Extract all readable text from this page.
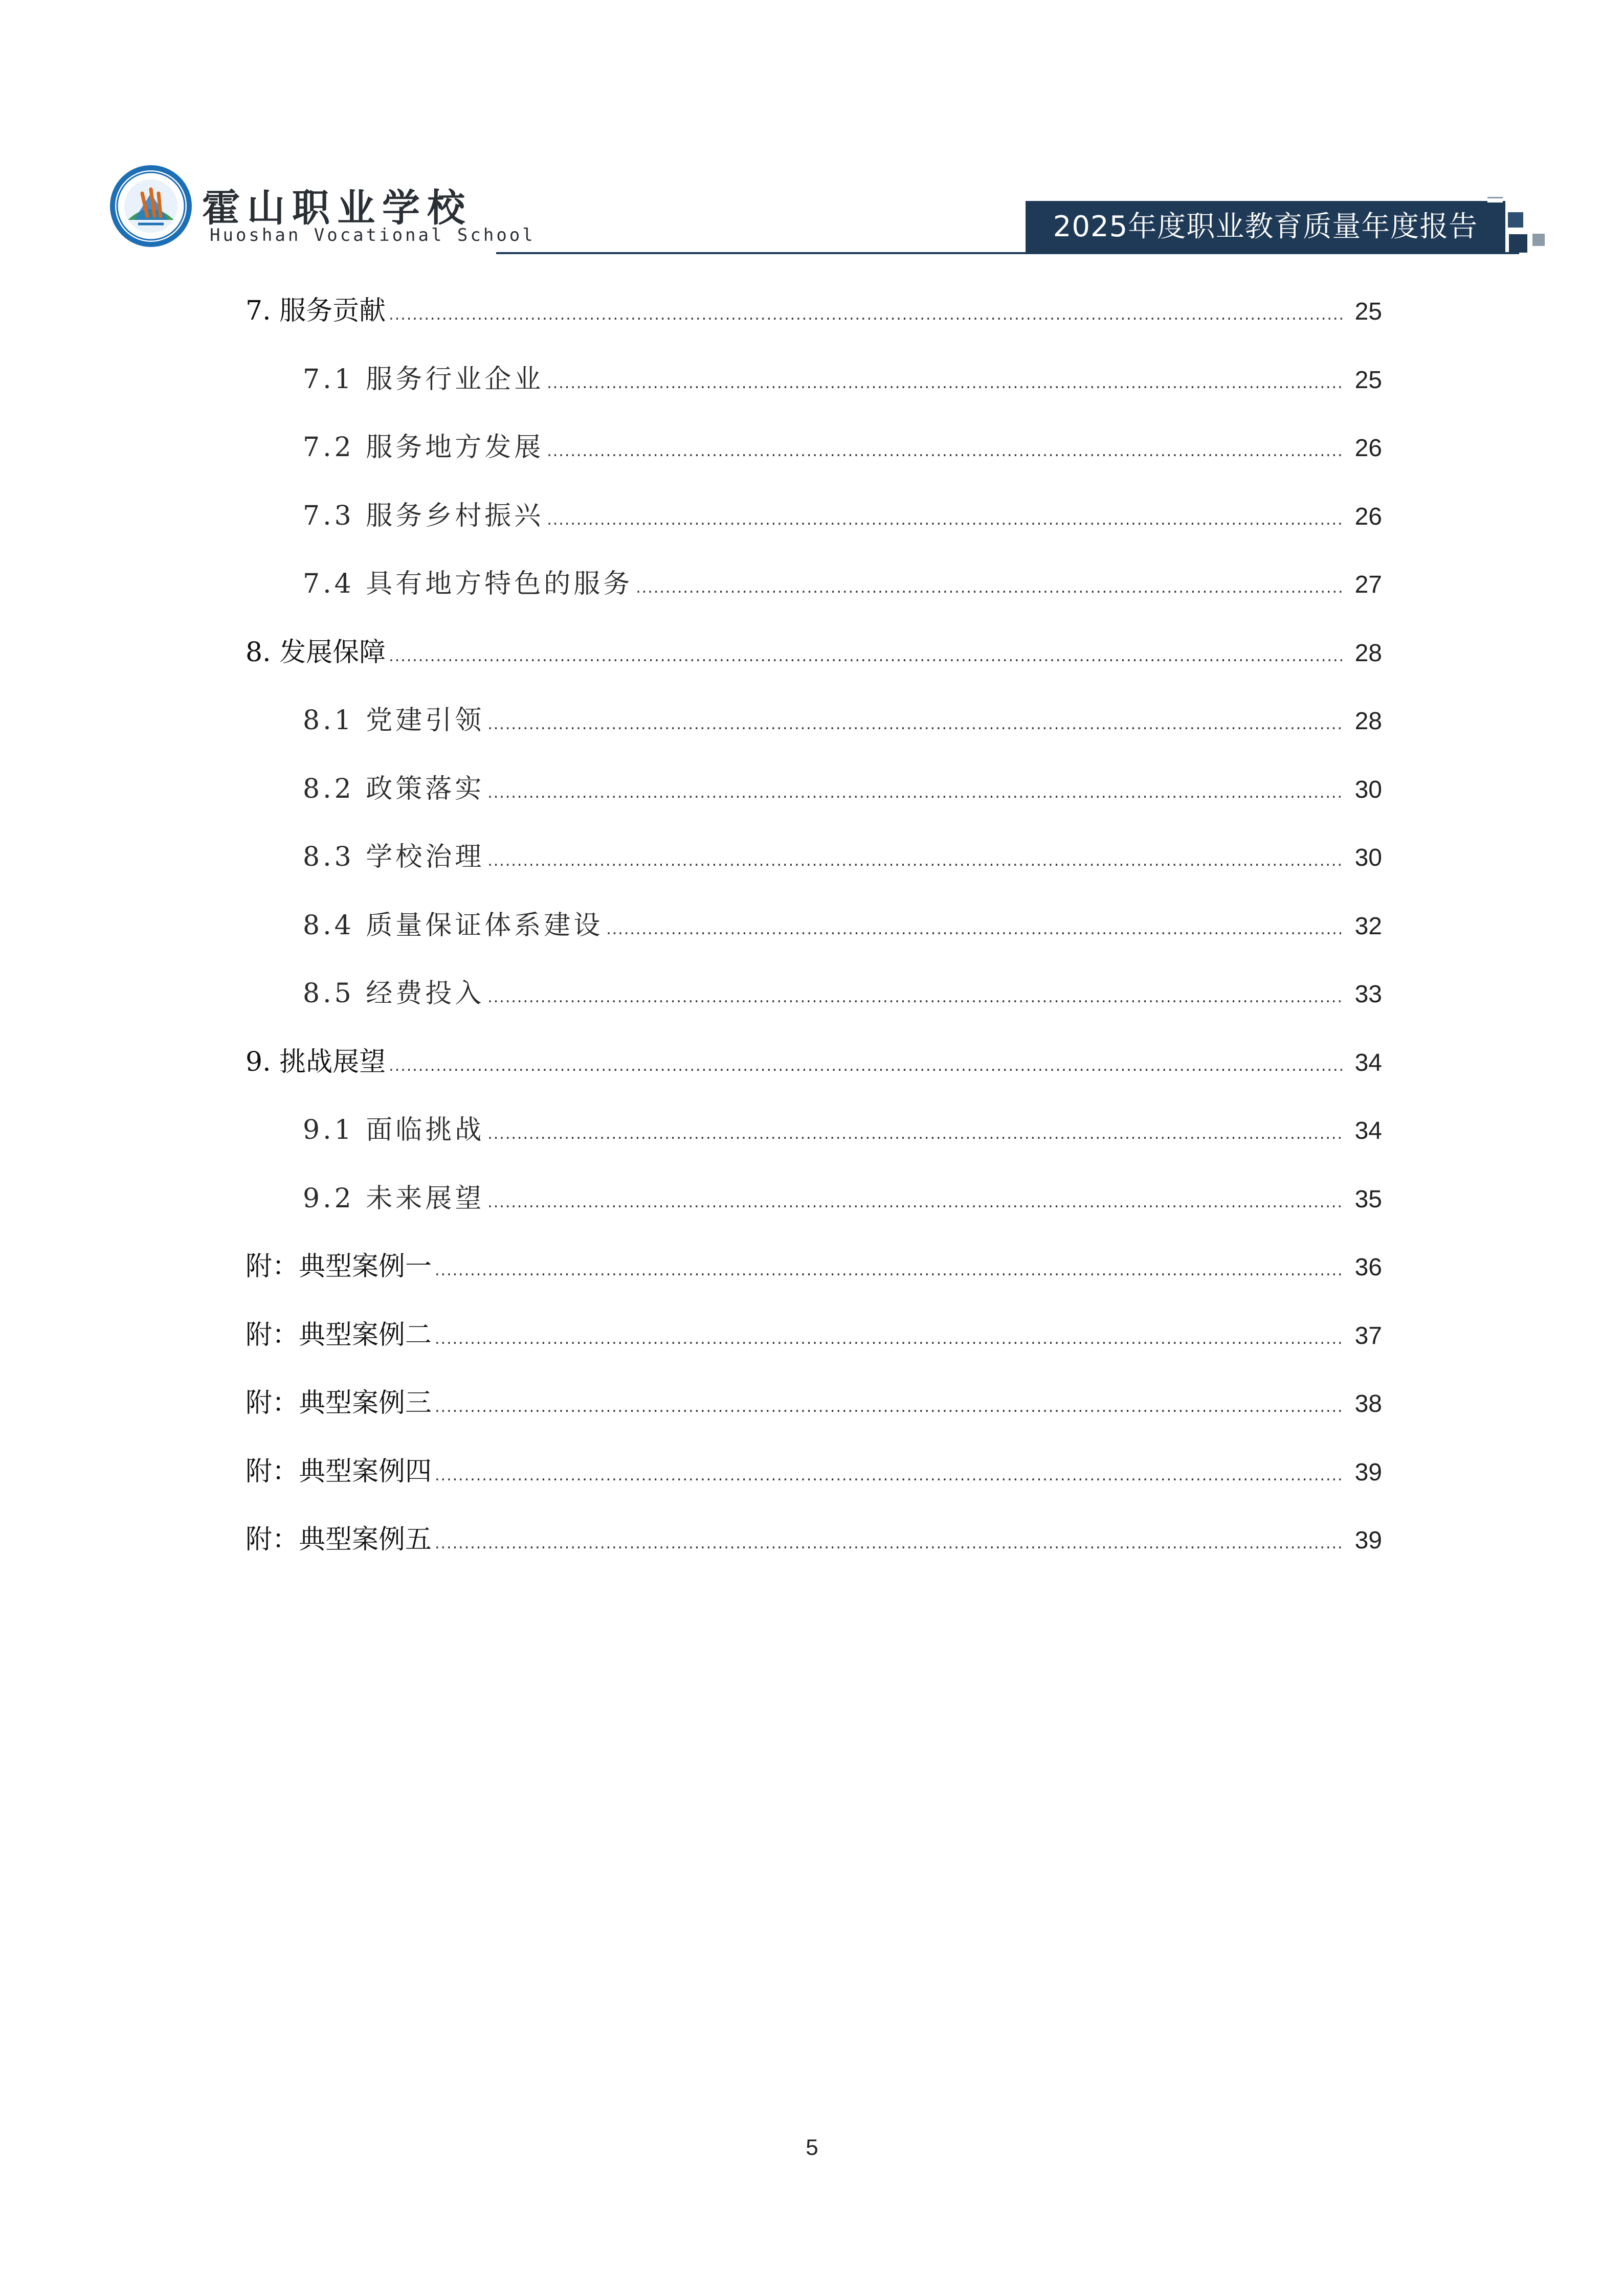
霍山职业学校
Huoshan Vocational School	2025年度职业教育质量年度报告
7. 服务贡献 .....	25
7.1 服务行业企业 .....	25
7.2 服务地方发展 .....	26
7.3 服务乡村振兴 .....	26
7.4 具有地方特色的服务 .....	27
8. 发展保障 .....	28
8.1 党建引领 .....	28
8.2 政策落实 .....	30
8.3 学校治理 .....	30
8.4 质量保证体系建设 .....	32
8.5 经费投入 .....	33
9. 挑战展望 .....	34
9.1 面临挑战 .....	34
9.2 未来展望 .....	35
附：典型案例一 .....	36
附：典型案例二 .....	37
附：典型案例三 .....	38
附：典型案例四 .....	39
附：典型案例五 .....	39
5
